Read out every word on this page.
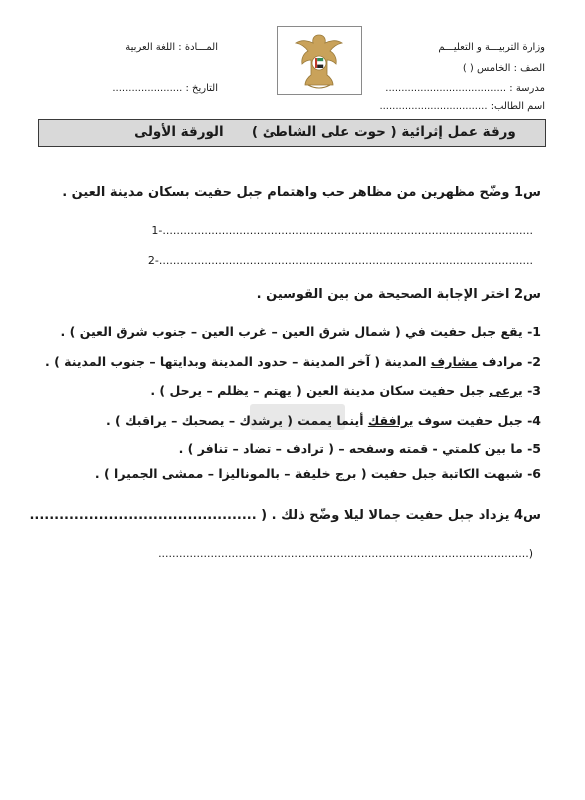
وزارة التربيـــة و التعليـــم
الصف : الخامس ( )
مدرسة : ......................................
اسم الطالب: ..................................
المـــادة : اللغة العربية
التاريخ : ......................
ورقة عمل إثرائية ( حوت على الشاطئ )      الورقة الأولى
س1 وضّح مظهرين من مظاهر حب واهتمام جبل حفيت بسكان مدينة العين .
1-..........................................................................................................
2-...........................................................................................................
س2 اختر الإجابة الصحيحة من بين القوسين .
1- يقع جبل حفيت في ( شمال شرق العين – غرب العين – جنوب شرق العين ) .
2- مرادف مشارف المدينة ( آخر المدينة – حدود المدينة وبدايتها – جنوب المدينة ) .
3- يرعى جبل حفيت سكان مدينة العين ( يهتم – يظلم – يرحل ) .
4- جبل حفيت سوف يرافقك أينما يممت ( يرشدك – يصحبك – يراقبك ) .
5- ما بين كلمتي - قمته وسفحه – ( ترادف – تضاد – تنافر ) .
6- شبهت الكاتبة جبل حفيت ( برج خليفة – بالموناليزا – ممشى الجميرا ) .
س4 يزداد جبل حفيت جمالا ليلا وضّح ذلك . ( ..............................................
..........................................................................................................)
